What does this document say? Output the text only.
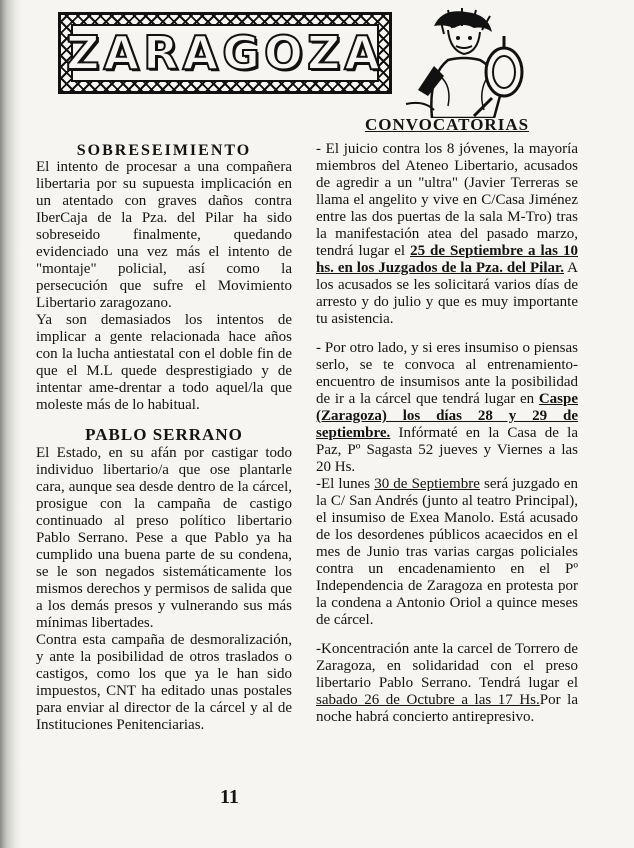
ZARAGOZA
SOBRESEIMIENTO

El intento de procesar a una compañera libertaria por su supuesta implicación en un atentado con graves daños contra IberCaja de la Pza. del Pilar ha sido sobreseido finalmente, quedando evidenciado una vez más el intento de "montaje" policial, así como la persecución que sufre el Movimiento Libertario zaragozano.

Ya son demasiados los intentos de implicar a gente relacionada hace años con la lucha antiestatal con el doble fin de que el M.L quede desprestigiado y de intentar ame-drentar a todo aquel/la que moleste más de lo habitual.

PABLO SERRANO

El Estado, en su afán por castigar todo individuo libertario/a que ose plantarle cara, aunque sea desde dentro de la cárcel, prosigue con la campaña de castigo continuado al preso político libertario Pablo Serrano. Pese a que Pablo ya ha cumplido una buena parte de su condena, se le son negados sistemáticamente los mismos derechos y permisos de salida que a los demás presos y vulnerando sus más mínimas libertades.

Contra esta campaña de desmoralización, y ante la posibilidad de otros traslados o castigos, como los que ya le han sido impuestos, CNT ha editado unas postales para enviar al director de la cárcel y al de Instituciones Penitenciarias.

CONVOCATORIAS

- El juicio contra los 8 jóvenes, la mayoría miembros del Ateneo Libertario, acusados de agredir a un "ultra" (Javier Terreras se llama el angelito y vive en C/Casa Jiménez entre las dos puertas de la sala M-Tro) tras la manifestación atea del pasado marzo, tendrá lugar el 25 de Septiembre a las 10 hs. en los Juzgados de la Pza. del Pilar. A los acusados se les solicitará varios días de arresto y do julio y que es muy importante tu asistencia.

- Por otro lado, y si eres insumiso o piensas serlo, se te convoca al entrenamiento-encuentro de insumisos ante la posibilidad de ir a la cárcel que tendrá lugar en Caspe (Zaragoza) los días 28 y 29 de septiembre. Infórmaté en la Casa de la Paz, Pº Sagasta 52 jueves y Viernes a las 20 Hs.

-El lunes 30 de Septiembre será juzgado en la C/ San Andrés (junto al teatro Principal), el insumiso de Exea Manolo. Está acusado de los desordenes públicos acaecidos en el mes de Junio tras varias cargas policiales contra un encadenamiento en el Pº Independencia de Zaragoza en protesta por la condena a Antonio Oriol a quince meses de cárcel.

-Koncentración ante la carcel de Torrero de Zaragoza, en solidaridad con el preso libertario Pablo Serrano. Tendrá lugar el sabado 26 de Octubre a las 17 Hs.Por la noche habrá concierto antirepresivo.

11
